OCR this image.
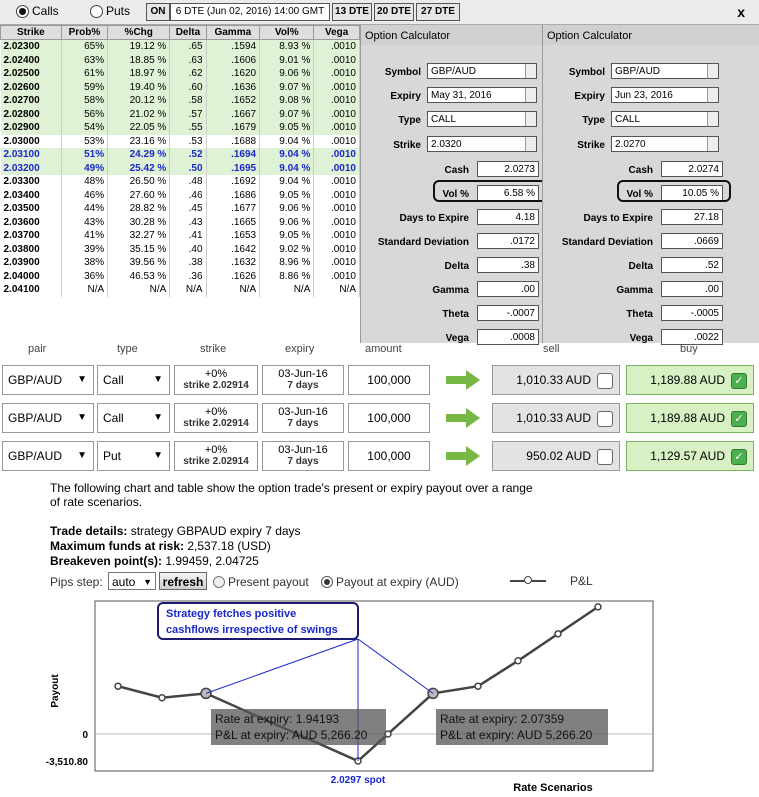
Calls	Puts	ON	6 DTE (Jun 02, 2016) 14:00 GMT	13 DTE 20 DTE	27 DTE	x
Strike	Prob%	%Chg	Delta	Gamma	Vol%	Vega
2.02300	65%	19.12 %	.65	.1594	8.93 %	.0010
2.02400	63%	18.85 %	.63	.1606	9.01 %	.0010
2.02500	61%	18.97 %	.62	.1620	9.06 %	.0010
2.02600	59%	19.40 %	.60	.1636	9.07 %	.0010
2.02700	58%	20.12 %	.58	.1652	9.08 %	.0010
2.02800	56%	21.02 %	.57	.1667	9.07 %	.0010
2.02900	54%	22.05 %	.55	.1679	9.05 %	.0010
2.03000	53%	23.16 %	.53	.1688	9.04 %	.0010
2.03100	51%	24.29 %	.52	.1694	9.04 %	.0010
2.03200	49%	25.42 %	.50	.1695	9.04 %	.0010
2.03300	48%	26.50 %	.48	.1692	9.04 %	.0010
2.03400	46%	27.60 %	.46	.1686	9.05 %	.0010
2.03500	44%	28.82 %	.45	.1677	9.06 %	.0010
2.03600	43%	30.28 %	.43	.1665	9.06 %	.0010
2.03700	41%	32.27 %	.41	.1653	9.05 %	.0010
2.03800	39%	35.15 %	.40	.1642	9.02 %	.0010
2.03900	38%	39.56 %	.38	.1632	8.96 %	.0010
2.04000	36%	46.53 %	.36	.1626	8.86 %	.0010
2.04100	N/A	N/A	N/A	N/A	N/A	N/A
Option Calculator
Symbol	GBP/AUD
Expiry	May 31, 2016
Type	CALL
Strike	2.0320
Cash	2.0273
Vol %	6.58 %
Days to Expire	4.18
Standard Deviation	.0172
Delta	.38
Gamma	.00
Theta	-.0007
Vega	.0008
Option Calculator
Symbol	GBP/AUD
Expiry	Jun 23, 2016
Type	CALL
Strike	2.0270
Cash	2.0274
Vol %	10.05 %
Days to Expire	27.18
Standard Deviation	.0669
Delta	.52
Gamma	.00
Theta	-.0005
Vega	.0022
pair	type	strike	expiry	amount	sell	buy
GBP/AUD ▼	Call	▼	+0%
strike 2.02914
03-Jun-16
7 days	100,000	1,010.33 AUD	1,189.88 AUD ✓
GBP/AUD ▼	Call	▼	+0%
strike 2.02914
03-Jun-16
7 days	100,000	1,010.33 AUD	1,189.88 AUD ✓
GBP/AUD ▼	Put	▼	+0%
strike 2.02914
03-Jun-16
7 days	100,000	950.02 AUD	1,129.57 AUD ✓
The following chart and table show the option trade's present or expiry payout over a range
of rate scenarios.
Trade details: strategy GBPAUD expiry 7 days
Maximum funds at risk: 2,537.18 (USD)
Breakeven point(s): 1.99459, 2.04725
Pips step: auto ▼ refresh	Present payout Payout at expiry (AUD)	P&L
Rate at expiry: 1.94193
P&L at expiry: AUD 5,266.20
Rate at expiry: 2.07359
P&L at expiry: AUD 5,266.20
Strategy fetches positive
cashflows irrespective of swings
Payout
0
-3,510.80
2.0297 spot
Rate Scenarios
